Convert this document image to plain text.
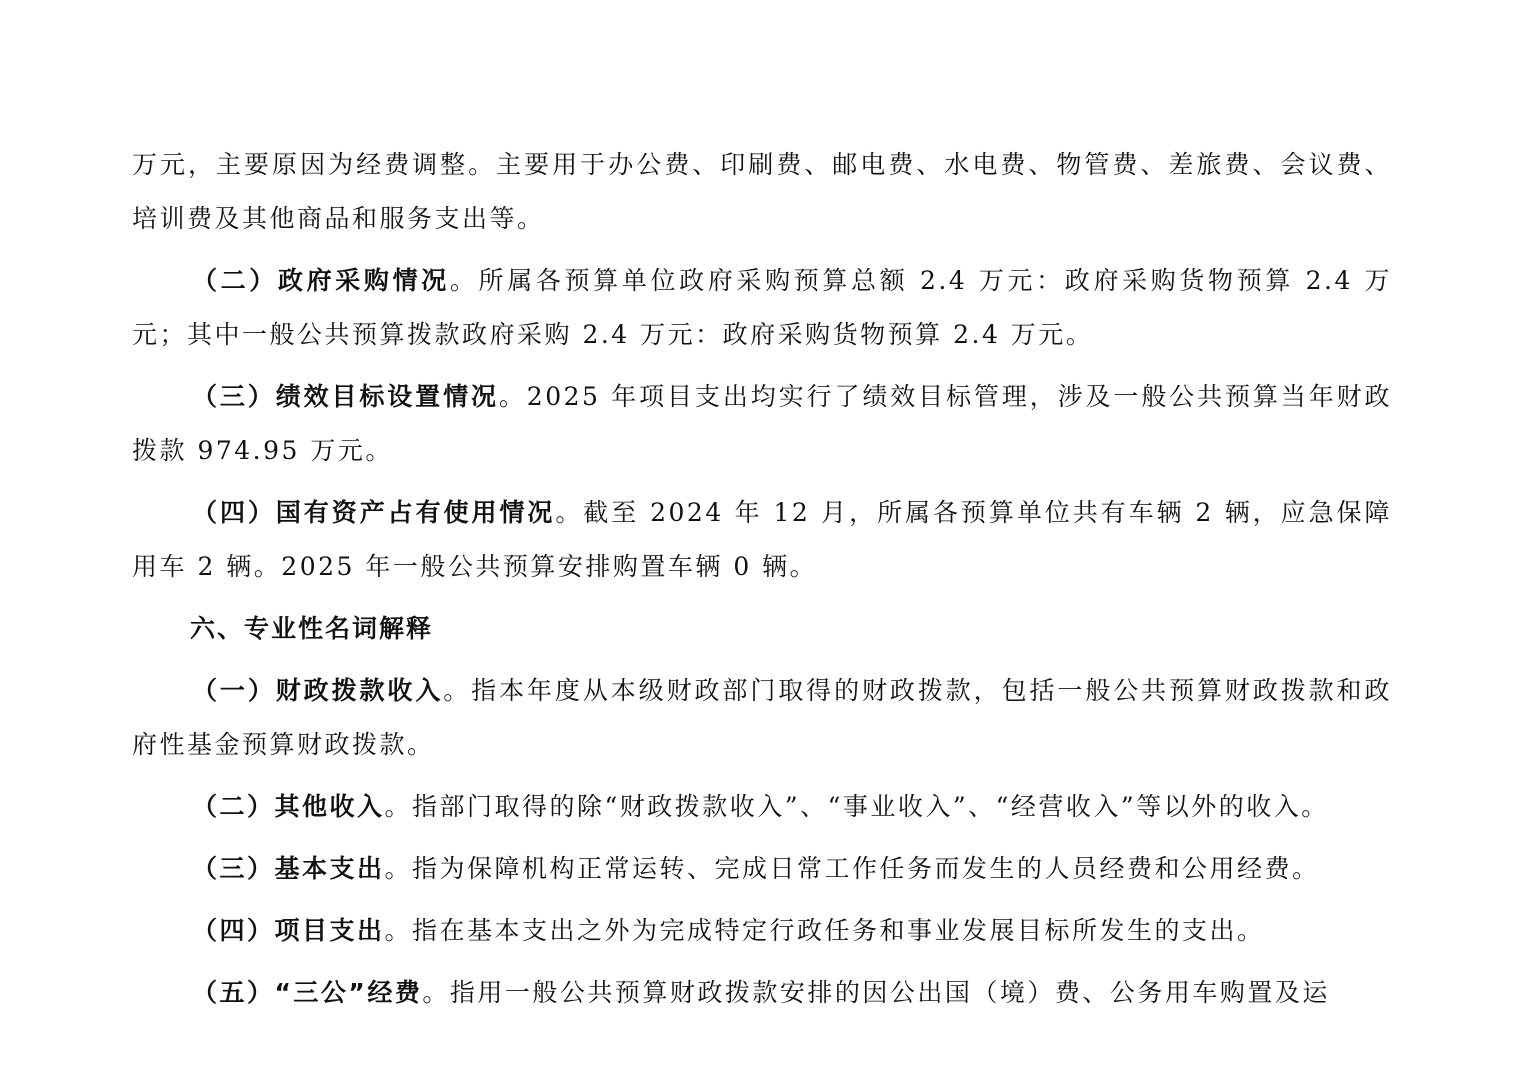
万元，主要原因为经费调整。主要用于办公费、印刷费、邮电费、水电费、物管费、差旅费、会议费、培训费及其他商品和服务支出等。

（二）政府采购情况。所属各预算单位政府采购预算总额 2.4 万元：政府采购货物预算 2.4 万元；其中一般公共预算拨款政府采购 2.4 万元：政府采购货物预算 2.4 万元。

（三）绩效目标设置情况。2025 年项目支出均实行了绩效目标管理，涉及一般公共预算当年财政拨款 974.95 万元。

（四）国有资产占有使用情况。截至 2024 年 12 月，所属各预算单位共有车辆 2 辆，应急保障用车 2 辆。2025 年一般公共预算安排购置车辆 0 辆。

六、专业性名词解释

（一）财政拨款收入。指本年度从本级财政部门取得的财政拨款，包括一般公共预算财政拨款和政府性基金预算财政拨款。

（二）其他收入。指部门取得的除“财政拨款收入”、“事业收入”、“经营收入”等以外的收入。

（三）基本支出。指为保障机构正常运转、完成日常工作任务而发生的人员经费和公用经费。

（四）项目支出。指在基本支出之外为完成特定行政任务和事业发展目标所发生的支出。

（五）“三公”经费。指用一般公共预算财政拨款安排的因公出国（境）费、公务用车购置及运
